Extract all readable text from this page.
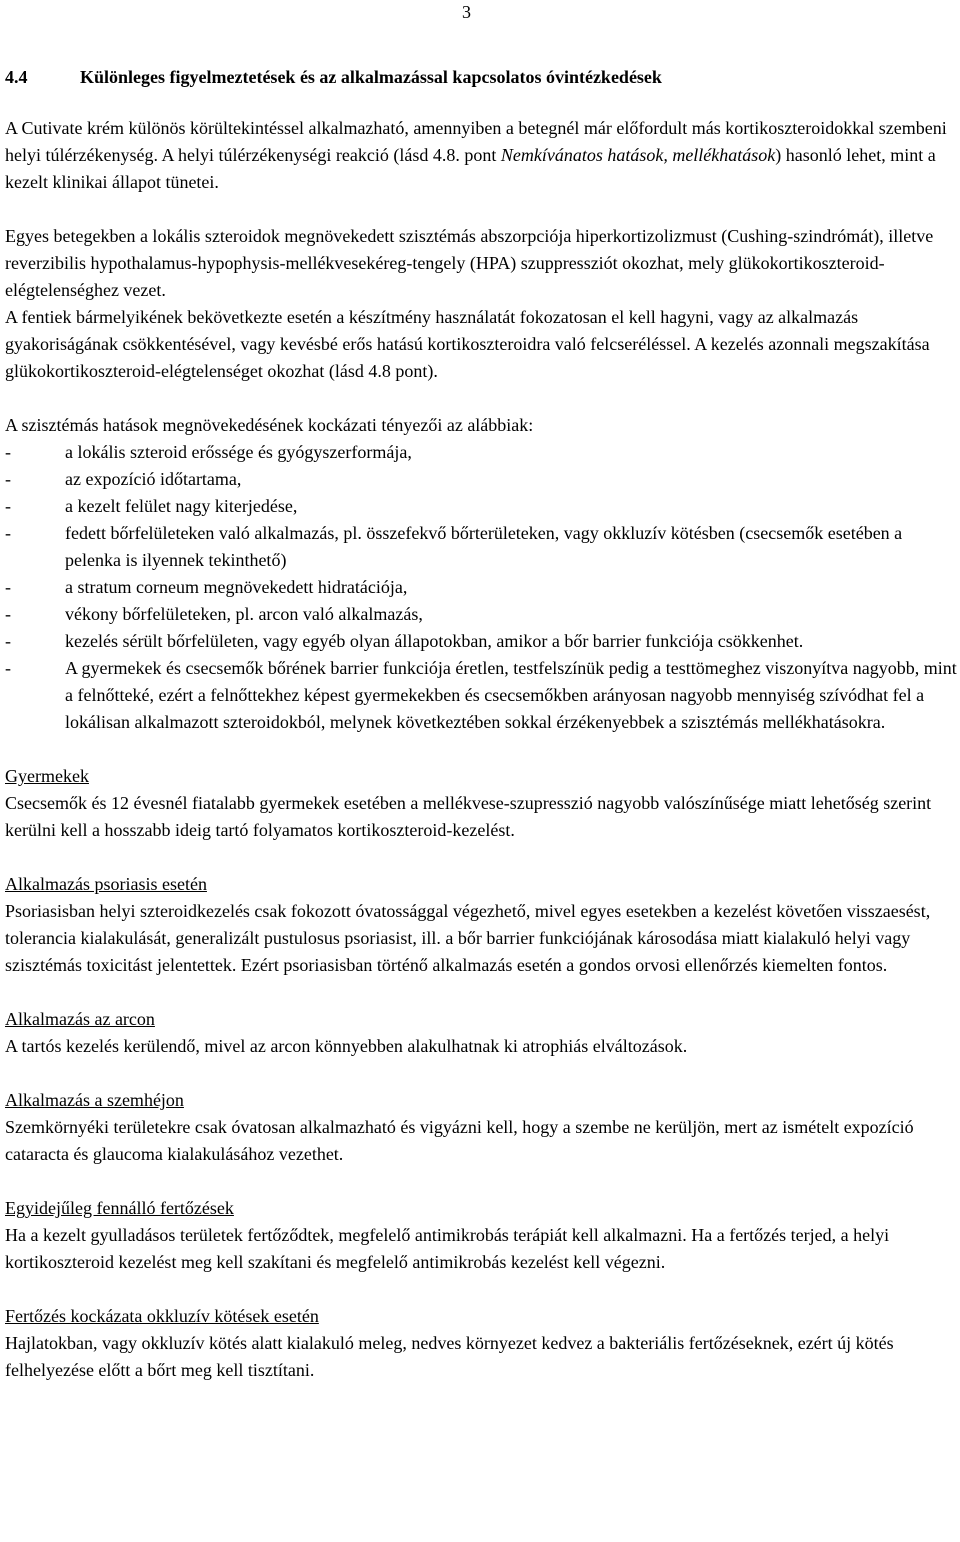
3
4.4	Különleges figyelmeztetések és az alkalmazással kapcsolatos óvintézkedések

A Cutivate krém különös körültekintéssel alkalmazható, amennyiben a betegnél már előfordult más kortikoszteroidokkal szembeni helyi túlérzékenység. A helyi túlérzékenységi reakció (lásd 4.8. pont Nemkívánatos hatások, mellékhatások) hasonló lehet, mint a kezelt klinikai állapot tünetei.

Egyes betegekben a lokális szteroidok megnövekedett szisztémás abszorpciója hiperkortizolizmust (Cushing-szindrómát), illetve reverzibilis hypothalamus-hypophysis-mellékvesekéreg-tengely (HPA) szuppressziót okozhat, mely glükokortikoszteroid-elégtelenséghez vezet.

A fentiek bármelyikének bekövetkezte esetén a készítmény használatát fokozatosan el kell hagyni, vagy az alkalmazás gyakoriságának csökkentésével, vagy kevésbé erős hatású kortikoszteroidra való felcseréléssel. A kezelés azonnali megszakítása glükokortikoszteroid-elégtelenséget okozhat (lásd 4.8 pont).

A szisztémás hatások megnövekedésének kockázati tényezői az alábbiak:

-	a lokális szteroid erőssége és gyógyszerformája,
-	az expozíció időtartama,
-	a kezelt felület nagy kiterjedése,
-	fedett bőrfelületeken való alkalmazás, pl. összefekvő bőrterületeken, vagy okkluzív kötésben (csecsemők esetében a pelenka is ilyennek tekinthető)
-	a stratum corneum megnövekedett hidratációja,
-	vékony bőrfelületeken, pl. arcon való alkalmazás,
-	kezelés sérült bőrfelületen, vagy egyéb olyan állapotokban, amikor a bőr barrier funkciója csökkenhet.
-	A gyermekek és csecsemők bőrének barrier funkciója éretlen, testfelszínük pedig a testtömeghez viszonyítva nagyobb, mint a felnőtteké, ezért a felnőttekhez képest gyermekekben és csecsemőkben arányosan nagyobb mennyiség szívódhat fel a lokálisan alkalmazott szteroidokból, melynek következtében sokkal érzékenyebbek a szisztémás mellékhatásokra.

Gyermekek

Csecsemők és 12 évesnél fiatalabb gyermekek esetében a mellékvese-szupresszió nagyobb valószínűsége miatt lehetőség szerint kerülni kell a hosszabb ideig tartó folyamatos kortikoszteroid-kezelést.

Alkalmazás psoriasis esetén

Psoriasisban helyi szteroidkezelés csak fokozott óvatossággal végezhető, mivel egyes esetekben a kezelést követően visszaesést, tolerancia kialakulását, generalizált pustulosus psoriasist, ill. a bőr barrier funkciójának károsodása miatt kialakuló helyi vagy szisztémás toxicitást jelentettek. Ezért psoriasisban történő alkalmazás esetén a gondos orvosi ellenőrzés kiemelten fontos.

Alkalmazás az arcon

A tartós kezelés kerülendő, mivel az arcon könnyebben alakulhatnak ki atrophiás elváltozások.

Alkalmazás a szemhéjon

Szemkörnyéki területekre csak óvatosan alkalmazható és vigyázni kell, hogy a szembe ne kerüljön, mert az ismételt expozíció cataracta és glaucoma kialakulásához vezethet.

Egyidejűleg fennálló fertőzések

Ha a kezelt gyulladásos területek fertőződtek, megfelelő antimikrobás terápiát kell alkalmazni. Ha a fertőzés terjed, a helyi kortikoszteroid kezelést meg kell szakítani és megfelelő antimikrobás kezelést kell végezni.

Fertőzés kockázata okkluzív kötések esetén

Hajlatokban, vagy okkluzív kötés alatt kialakuló meleg, nedves környezet kedvez a bakteriális fertőzéseknek, ezért új kötés felhelyezése előtt a bőrt meg kell tisztítani.
